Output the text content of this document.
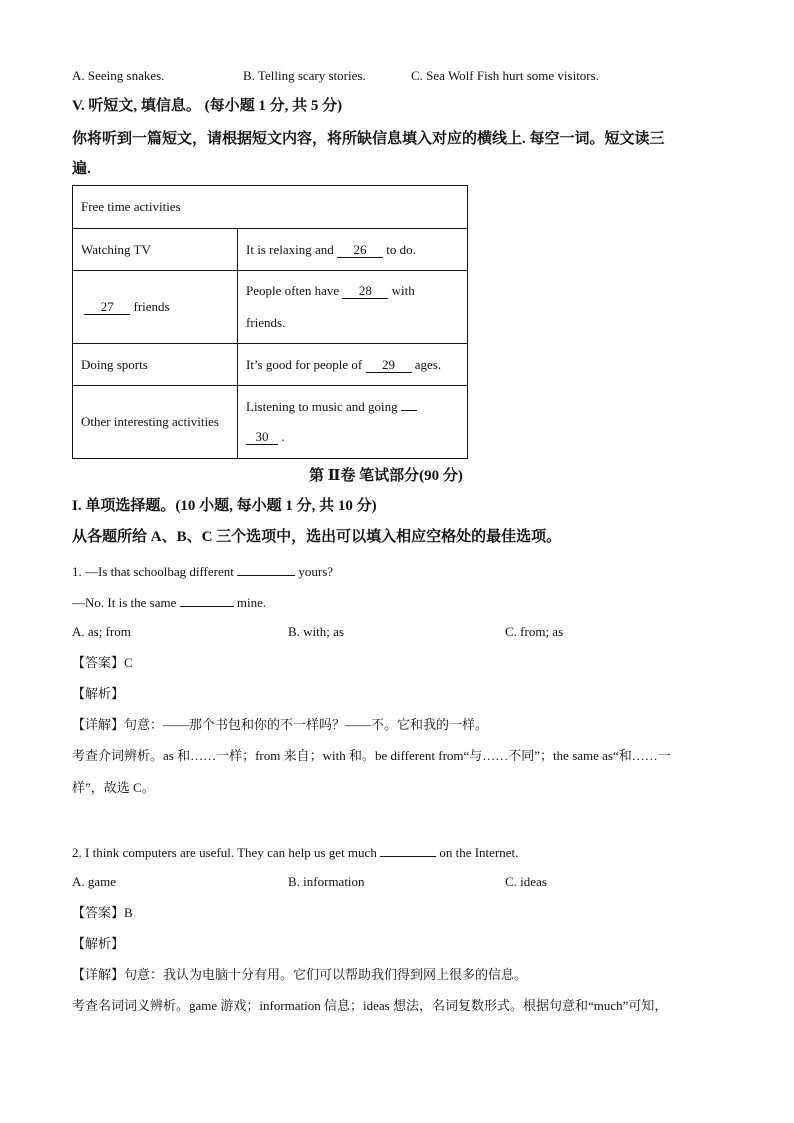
A. Seeing snakes.	B. Telling scary stories.	C. Sea Wolf Fish hurt some visitors.
V. 听短文, 填信息。 (每小题 1 分, 共 5 分)
你将听到一篇短文，请根据短文内容，将所缺信息填入对应的横线上. 每空一词。短文读三
遍.
Free time activities	
Watching TV	It is relaxing and 26 to do.
27 friends	People often have 28 with
friends.
Doing sports	It’s good for people of 29 ages.
Other interesting activities	Listening to music and going
30 .
第 Ⅱ卷 笔试部分(90 分)
I. 单项选择题。(10 小题, 每小题 1 分, 共 10 分)
从各题所给 A、B、C 三个选项中，选出可以填入相应空格处的最佳选项。
1. —Is that schoolbag different	yours?
—No. It is the same	mine.
A. as; from	B. with; as	C. from; as
【答案】C
【解析】
【详解】句意：——那个书包和你的不一样吗？——不。它和我的一样。
考查介词辨析。as 和……一样；from 来自；with 和。be different from“与……不同”；the same as“和……一
样”，故选 C。
2. I think computers are useful. They can help us get much	on the Internet.
A. game	B. information	C. ideas
【答案】B
【解析】
【详解】句意：我认为电脑十分有用。它们可以帮助我们得到网上很多的信息。
考查名词词义辨析。game 游戏；information 信息；ideas 想法，名词复数形式。根据句意和“much”可知，
